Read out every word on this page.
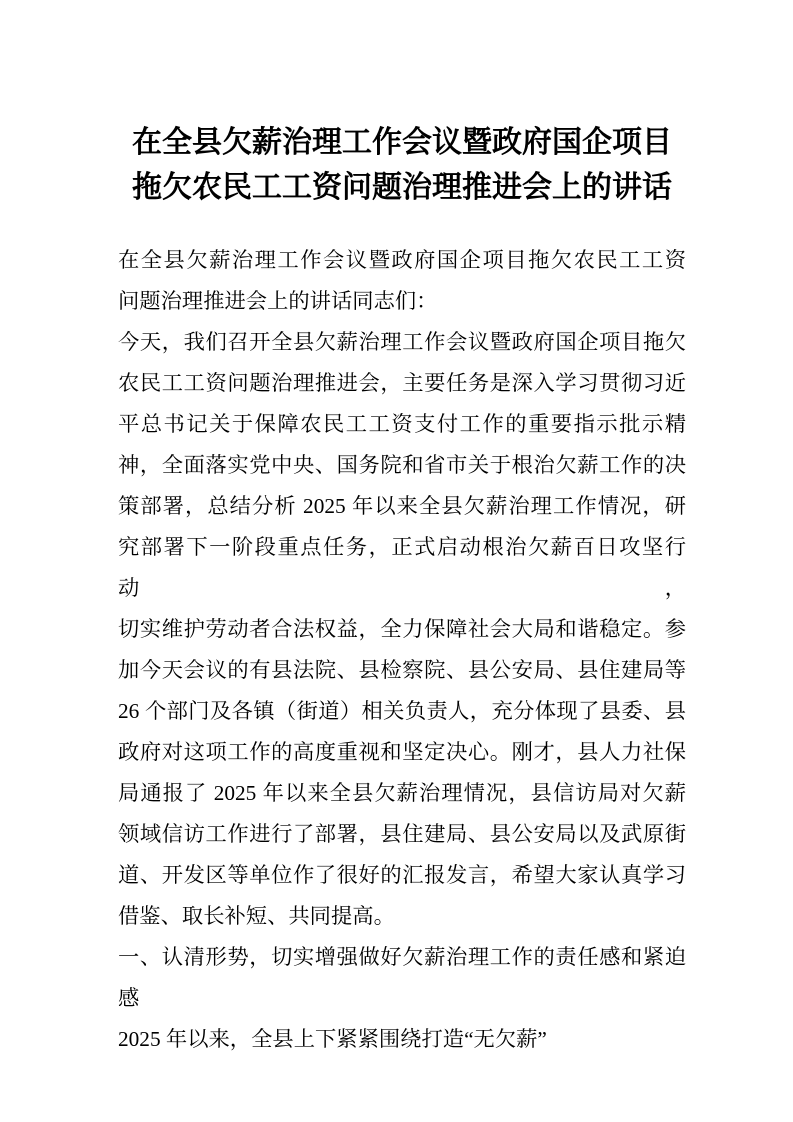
在全县欠薪治理工作会议暨政府国企项目
拖欠农民工工资问题治理推进会上的讲话
在全县欠薪治理工作会议暨政府国企项目拖欠农民工工资
问题治理推进会上的讲话同志们：
今天，我们召开全县欠薪治理工作会议暨政府国企项目拖欠
农民工工资问题治理推进会，主要任务是深入学习贯彻习近
平总书记关于保障农民工工资支付工作的重要指示批示精
神，全面落实党中央、国务院和省市关于根治欠薪工作的决
策部署，总结分析 2025 年以来全县欠薪治理工作情况，研
究部署下一阶段重点任务，正式启动根治欠薪百日攻坚行动，
切实维护劳动者合法权益，全力保障社会大局和谐稳定。参
加今天会议的有县法院、县检察院、县公安局、县住建局等
26 个部门及各镇（街道）相关负责人，充分体现了县委、县
政府对这项工作的高度重视和坚定决心。刚才，县人力社保
局通报了 2025 年以来全县欠薪治理情况，县信访局对欠薪
领域信访工作进行了部署，县住建局、县公安局以及武原街
道、开发区等单位作了很好的汇报发言，希望大家认真学习
借鉴、取长补短、共同提高。
一、认清形势，切实增强做好欠薪治理工作的责任感和紧迫
感
2025 年以来，全县上下紧紧围绕打造“无欠薪”
